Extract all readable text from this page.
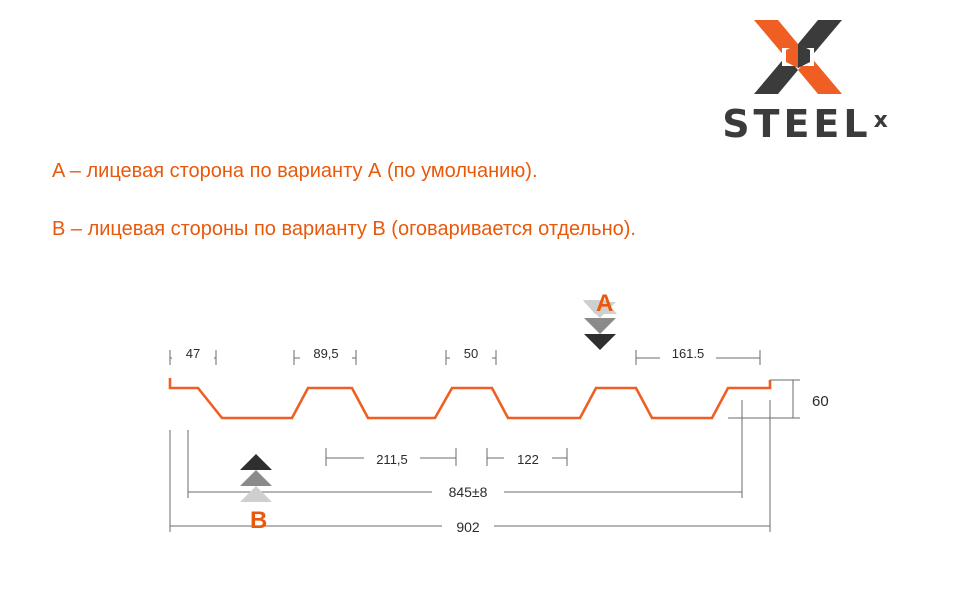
STEEL x
A – лицевая сторона по варианту А (по умолчанию).
B – лицевая стороны по варианту B (оговаривается отдельно).
47	89,5	50	161.5
211,5	122
845±8
902
60
A
B
